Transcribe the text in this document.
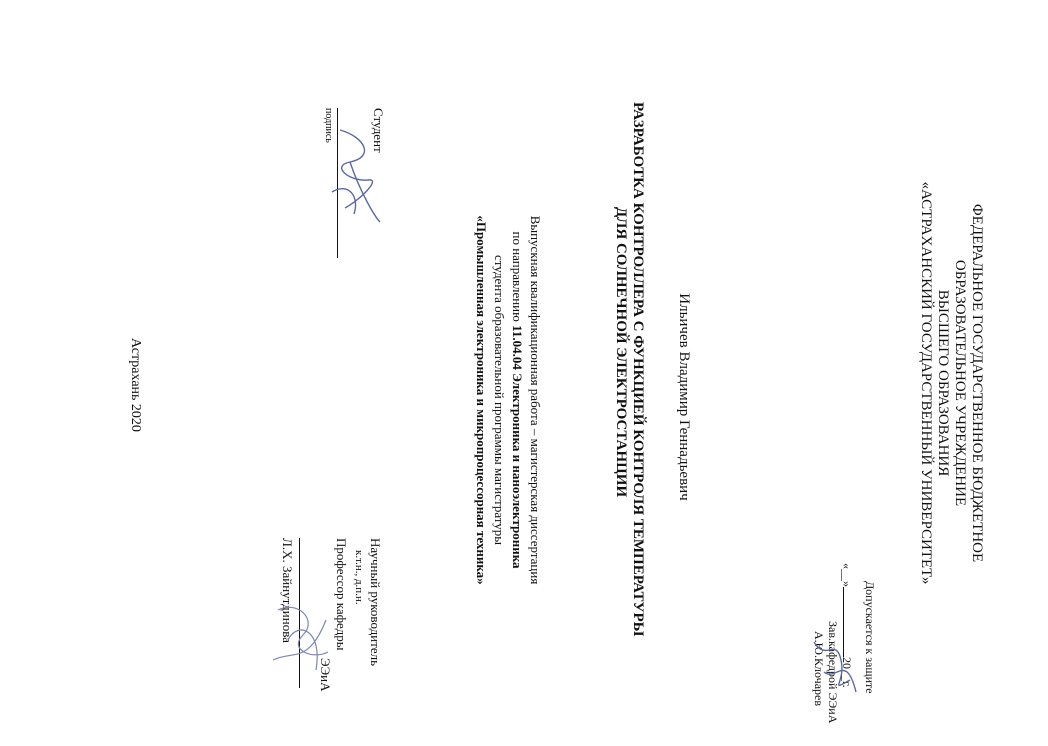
ФЕДЕРАЛЬНОЕ ГОСУДАРСТВЕННОЕ БЮДЖЕТНОЕ
ОБРАЗОВАТЕЛЬНОЕ УЧРЕЖДЕНИЕ
ВЫСШЕГО ОБРАЗОВАНИЯ
«АСТРАХАНСКИЙ ГОСУДАРСТВЕННЫЙ УНИВЕРСИТЕТ»
Допускается к защите
«__»20__г.
Зав.кафедрой ЭЭиА
А.Ю.Клочарев
РАЗРАБОТКА КОНТРОЛЛЕРА С ФУНКЦИЕЙ КОНТРОЛЯ ТЕМПЕРАТУРЫ
ДЛЯ СОЛНЕЧНОЙ ЭЛЕКТРОСТАНЦИИ	Ильичев Владимир Геннадьевич
Выпускная квалификационная работа – магистерская диссертация
по направлению 11.04.04 Электроника и наноэлектроника
студента образовательной программы магистратуры
«Промышленная электроника и микропроцессорная техника»
Студент
подпись
Научный руководитель
к.т.н., д.п.н.
Профессор кафедры
ЭЭиА
Л.Х. Зайнутдинова
Астрахань 2020
